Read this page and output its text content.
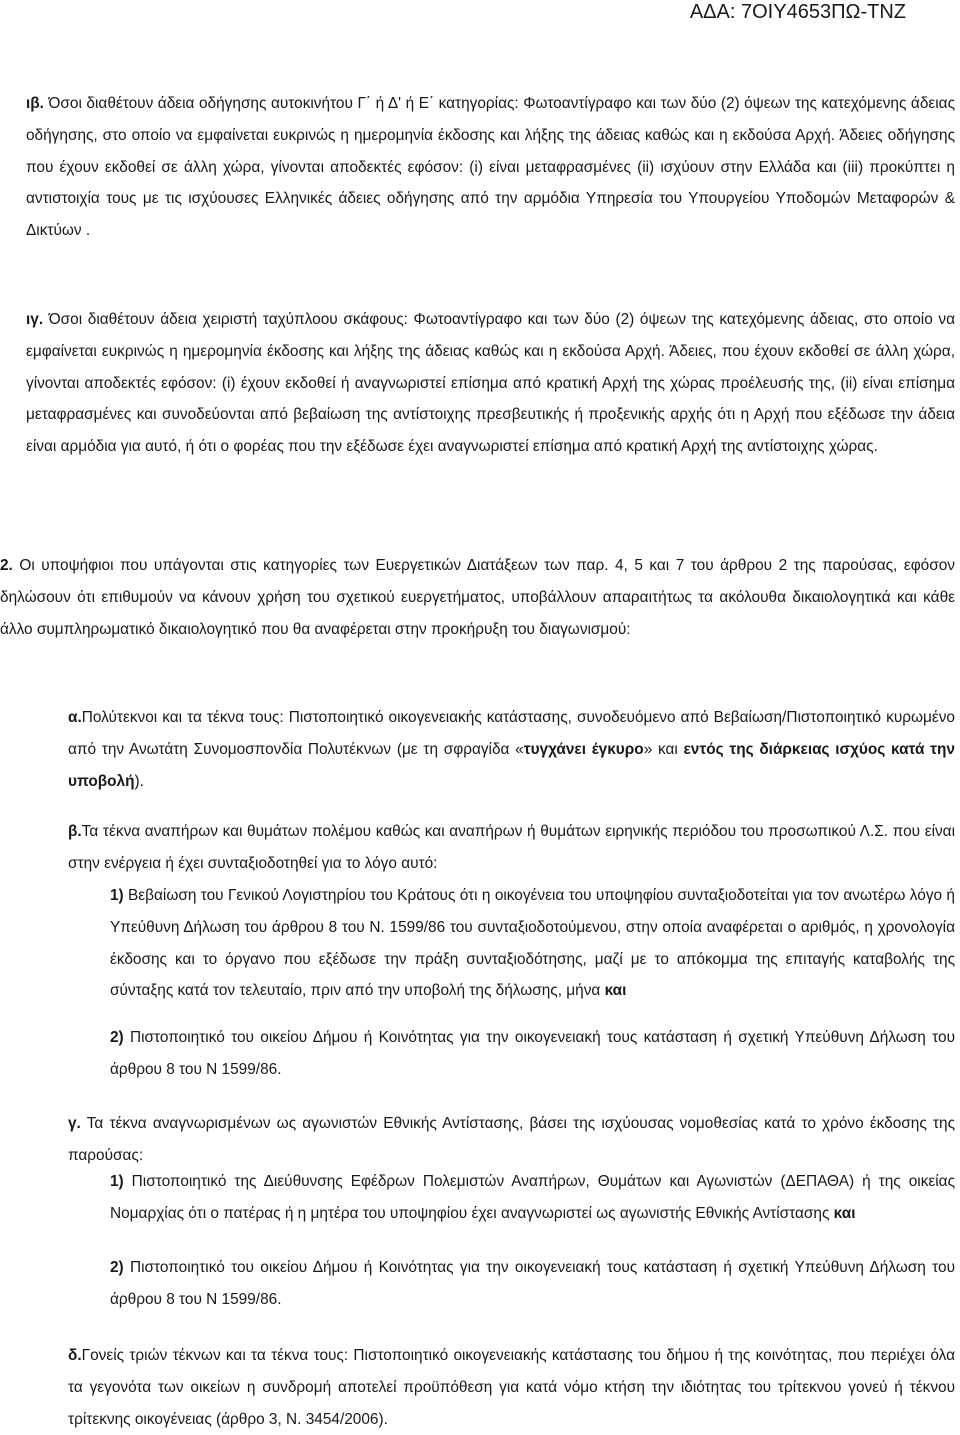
ΑΔΑ: 7ΟΙΥ4653ΠΩ-ΤΝΖ
ιβ. Όσοι διαθέτουν άδεια οδήγησης αυτοκινήτου Γ΄ ή Δ' ή Ε΄ κατηγορίας: Φωτοαντίγραφο και των δύο (2) όψεων της κατεχόμενης άδειας οδήγησης, στο οποίο να εμφαίνεται ευκρινώς η ημερομηνία έκδοσης και λήξης της άδειας καθώς και η εκδούσα Αρχή. Άδειες οδήγησης που έχουν εκδοθεί σε άλλη χώρα, γίνονται αποδεκτές εφόσον: (i) είναι μεταφρασμένες (ii) ισχύουν στην Ελλάδα και (iii) προκύπτει η αντιστοιχία τους με τις ισχύουσες Ελληνικές άδειες οδήγησης από την αρμόδια Υπηρεσία του Υπουργείου Υποδομών Μεταφορών & Δικτύων .
ιγ. Όσοι διαθέτουν άδεια χειριστή ταχύπλοου σκάφους: Φωτοαντίγραφο και των δύο (2) όψεων της κατεχόμενης άδειας, στο οποίο να εμφαίνεται ευκρινώς η ημερομηνία έκδοσης και λήξης της άδειας καθώς και η εκδούσα Αρχή. Άδειες, που έχουν εκδοθεί σε άλλη χώρα, γίνονται αποδεκτές εφόσον: (i) έχουν εκδοθεί ή αναγνωριστεί επίσημα από κρατική Αρχή της χώρας προέλευσής της, (ii) είναι επίσημα μεταφρασμένες και συνοδεύονται από βεβαίωση της αντίστοιχης πρεσβευτικής ή προξενικής αρχής ότι η Αρχή που εξέδωσε την άδεια είναι αρμόδια για αυτό, ή ότι ο φορέας που την εξέδωσε έχει αναγνωριστεί επίσημα από κρατική Αρχή της αντίστοιχης χώρας.
2. Οι υποψήφιοι που υπάγονται στις κατηγορίες των Ευεργετικών Διατάξεων των παρ. 4, 5 και 7 του άρθρου 2 της παρούσας, εφόσον δηλώσουν ότι επιθυμούν να κάνουν χρήση του σχετικού ευεργετήματος, υποβάλλουν απαραιτήτως τα ακόλουθα δικαιολογητικά και κάθε άλλο συμπληρωματικό δικαιολογητικό που θα αναφέρεται στην προκήρυξη του διαγωνισμού:
α.Πολύτεκνοι και τα τέκνα τους: Πιστοποιητικό οικογενειακής κατάστασης, συνοδευόμενο από Βεβαίωση/Πιστοποιητικό κυρωμένο από την Ανωτάτη Συνομοσπονδία Πολυτέκνων (με τη σφραγίδα «τυγχάνει έγκυρο» και εντός της διάρκειας ισχύος κατά την υποβολή).
β.Τα τέκνα αναπήρων και θυμάτων πολέμου καθώς και αναπήρων ή θυμάτων ειρηνικής περιόδου του προσωπικού Λ.Σ. που είναι στην ενέργεια ή έχει συνταξιοδοτηθεί για το λόγο αυτό:
1) Βεβαίωση του Γενικού Λογιστηρίου του Κράτους ότι η οικογένεια του υποψηφίου συνταξιοδοτείται για τον ανωτέρω λόγο ή Υπεύθυνη Δήλωση του άρθρου 8 του Ν. 1599/86 του συνταξιοδοτούμενου, στην οποία αναφέρεται ο αριθμός, η χρονολογία έκδοσης και το όργανο που εξέδωσε την πράξη συνταξιοδότησης, μαζί με το απόκομμα της επιταγής καταβολής της σύνταξης κατά τον τελευταίο, πριν από την υποβολή της δήλωσης, μήνα και
2) Πιστοποιητικό του οικείου Δήμου ή Κοινότητας για την οικογενειακή τους κατάσταση ή σχετική Υπεύθυνη Δήλωση του άρθρου 8 του Ν 1599/86.
γ. Τα τέκνα αναγνωρισμένων ως αγωνιστών Εθνικής Αντίστασης, βάσει της ισχύουσας νομοθεσίας κατά το χρόνο έκδοσης της παρούσας:
1) Πιστοποιητικό της Διεύθυνσης Εφέδρων Πολεμιστών Αναπήρων, Θυμάτων και Αγωνιστών (ΔΕΠΑΘΑ) ή της οικείας Νομαρχίας ότι ο πατέρας ή η μητέρα του υποψηφίου έχει αναγνωριστεί ως αγωνιστής Εθνικής Αντίστασης και
2) Πιστοποιητικό του οικείου Δήμου ή Κοινότητας για την οικογενειακή τους κατάσταση ή σχετική Υπεύθυνη Δήλωση του άρθρου 8 του Ν 1599/86.
δ.Γονείς τριών τέκνων και τα τέκνα τους: Πιστοποιητικό οικογενειακής κατάστασης του δήμου ή της κοινότητας, που περιέχει όλα τα γεγονότα των οικείων η συνδρομή αποτελεί προϋπόθεση για κατά νόμο κτήση την ιδιότητας του τρίτεκνου γονεύ ή τέκνου τρίτεκνης οικογένειας (άρθρο 3, Ν. 3454/2006).
